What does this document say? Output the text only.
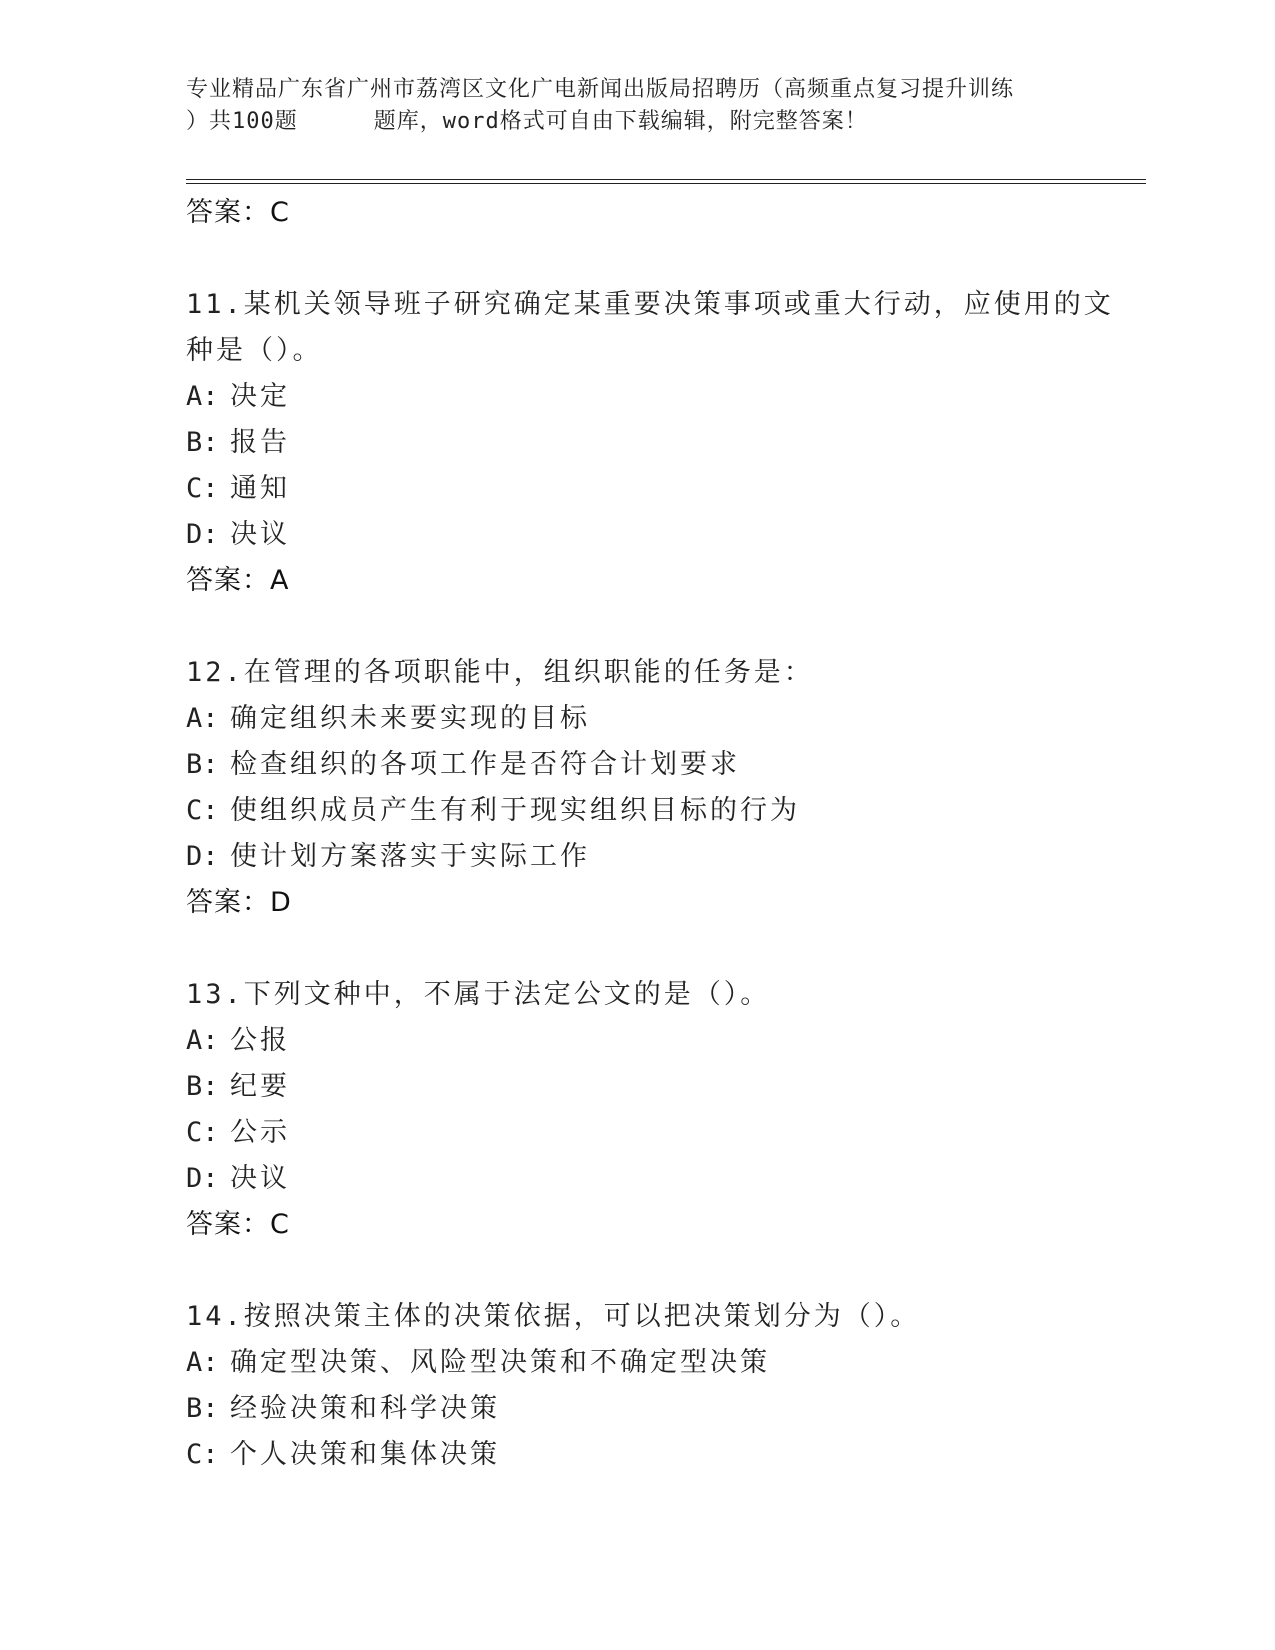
专业精品广东省广州市荔湾区文化广电新闻出版局招聘历（高频重点复习提升训练
）共100题	题库，word格式可自由下载编辑，附完整答案！
答案：C
11.某机关领导班子研究确定某重要决策事项或重大行动，应使用的文
种是（）。
A: 决定
B: 报告
C: 通知
D: 决议
答案：A
12.在管理的各项职能中，组织职能的任务是：
A: 确定组织未来要实现的目标
B: 检查组织的各项工作是否符合计划要求
C: 使组织成员产生有利于现实组织目标的行为
D: 使计划方案落实于实际工作
答案：D
13.下列文种中，不属于法定公文的是（）。
A: 公报
B: 纪要
C: 公示
D: 决议
答案：C
14.按照决策主体的决策依据，可以把决策划分为（）。
A: 确定型决策、风险型决策和不确定型决策
B: 经验决策和科学决策
C: 个人决策和集体决策
